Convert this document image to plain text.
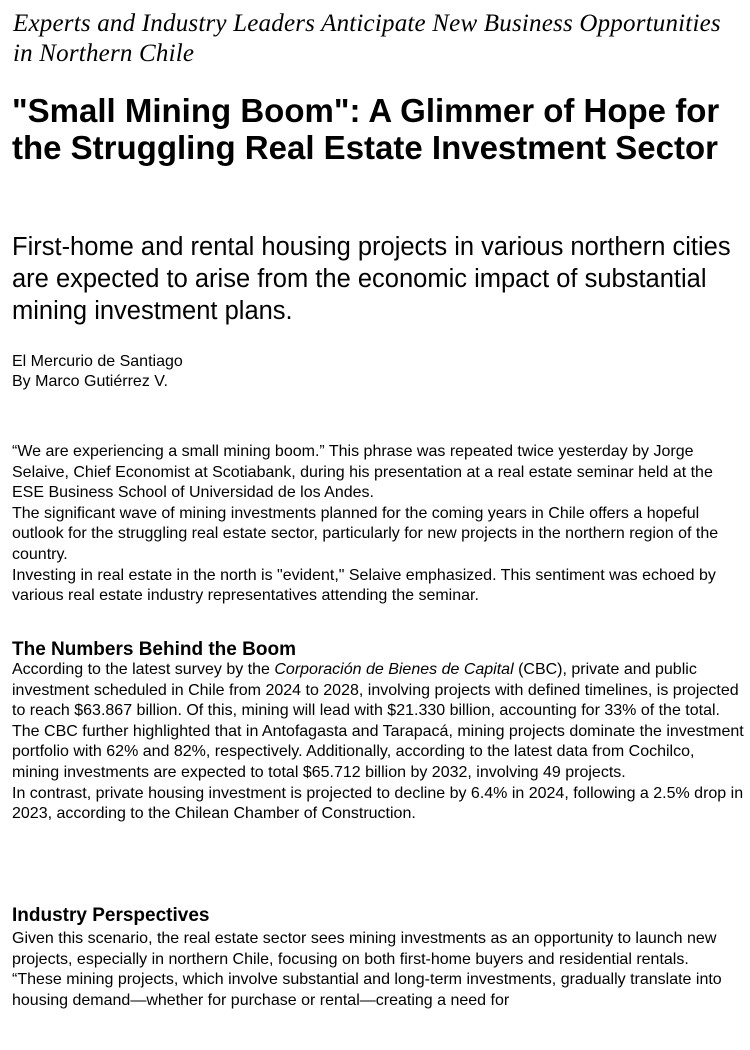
Experts and Industry Leaders Anticipate New Business Opportunities in Northern Chile
"Small Mining Boom": A Glimmer of Hope for the Struggling Real Estate Investment Sector
First-home and rental housing projects in various northern cities are expected to arise from the economic impact of substantial mining investment plans.
El Mercurio de Santiago
By Marco Gutiérrez V.

“We are experiencing a small mining boom.” This phrase was repeated twice yesterday by Jorge Selaive, Chief Economist at Scotiabank, during his presentation at a real estate seminar held at the ESE Business School of Universidad de los Andes.

The significant wave of mining investments planned for the coming years in Chile offers a hopeful outlook for the struggling real estate sector, particularly for new projects in the northern region of the country.

Investing in real estate in the north is "evident," Selaive emphasized. This sentiment was echoed by various real estate industry representatives attending the seminar.

The Numbers Behind the Boom

According to the latest survey by the Corporación de Bienes de Capital (CBC), private and public investment scheduled in Chile from 2024 to 2028, involving projects with defined timelines, is projected to reach $63.867 billion. Of this, mining will lead with $21.330 billion, accounting for 33% of the total.

The CBC further highlighted that in Antofagasta and Tarapacá, mining projects dominate the investment portfolio with 62% and 82%, respectively. Additionally, according to the latest data from Cochilco, mining investments are expected to total $65.712 billion by 2032, involving 49 projects.

In contrast, private housing investment is projected to decline by 6.4% in 2024, following a 2.5% drop in 2023, according to the Chilean Chamber of Construction.

Industry Perspectives

Given this scenario, the real estate sector sees mining investments as an opportunity to launch new projects, especially in northern Chile, focusing on both first-home buyers and residential rentals.

“These mining projects, which involve substantial and long-term investments, gradually translate into housing demand—whether for purchase or rental—creating a need for
